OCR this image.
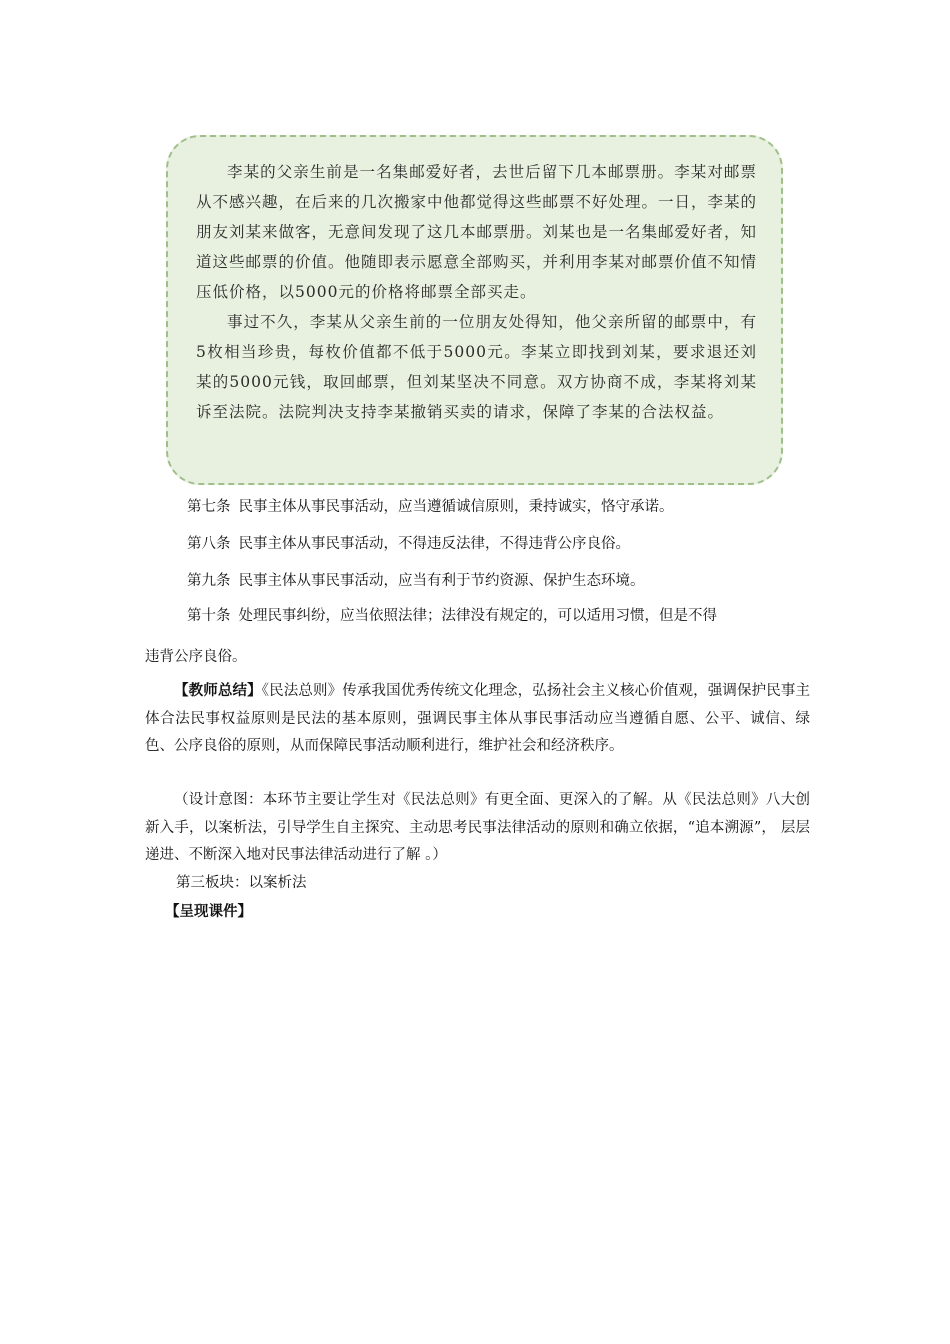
李某的父亲生前是一名集邮爱好者，去世后留下几本邮票册。李某对邮票从不感兴趣，在后来的几次搬家中他都觉得这些邮票不好处理。一日，李某的朋友刘某来做客，无意间发现了这几本邮票册。刘某也是一名集邮爱好者，知道这些邮票的价值。他随即表示愿意全部购买，并利用李某对邮票价值不知情压低价格，以5000元的价格将邮票全部买走。

事过不久，李某从父亲生前的一位朋友处得知，他父亲所留的邮票中，有5枚相当珍贵，每枚价值都不低于5000元。李某立即找到刘某，要求退还刘某的5000元钱，取回邮票，但刘某坚决不同意。双方协商不成，李某将刘某诉至法院。法院判决支持李某撤销买卖的请求，保障了李某的合法权益。

第七条 民事主体从事民事活动，应当遵循诚信原则，秉持诚实，恪守承诺。
第八条 民事主体从事民事活动，不得违反法律，不得违背公序良俗。
第九条 民事主体从事民事活动，应当有利于节约资源、保护生态环境。
第十条 处理民事纠纷，应当依照法律；法律没有规定的，可以适用习惯，但是不得
违背公序良俗。

【教师总结】《民法总则》传承我国优秀传统文化理念，弘扬社会主义核心价值观，强调保护民事主体合法民事权益原则是民法的基本原则，强调民事主体从事民事活动应当遵循自愿、公平、诚信、绿色、公序良俗的原则，从而保障民事活动顺利进行，维护社会和经济秩序。

（设计意图：本环节主要让学生对《民法总则》有更全面、更深入的了解。从《民法总则》八大创新入手，以案析法，引导学生自主探究、主动思考民事法律活动的原则和确立依据，“追本溯源”， 层层递进、不断深入地对民事法律活动进行了解 。）

第三板块：以案析法
【呈现课件】
